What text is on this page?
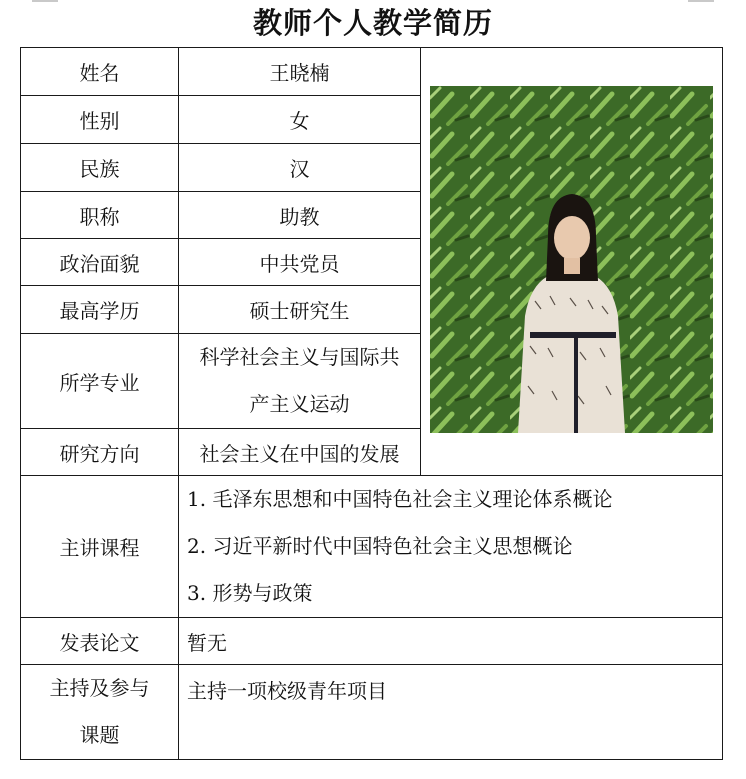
教师个人教学简历
姓名	王晓楠	
性别	女	
民族	汉	
职称	助教	
政治面貌	中共党员	
最高学历	硕士研究生	
所学专业	科学社会主义与国际共
产主义运动	

研究方向	社会主义在中国的发展	
主讲课程	1. 毛泽东思想和中国特色社会主义理论体系概论
2. 习近平新时代中国特色社会主义思想概论
3. 形势与政策	

发表论文	暂无	

主持及参与
课题	主持一项校级青年项目	
